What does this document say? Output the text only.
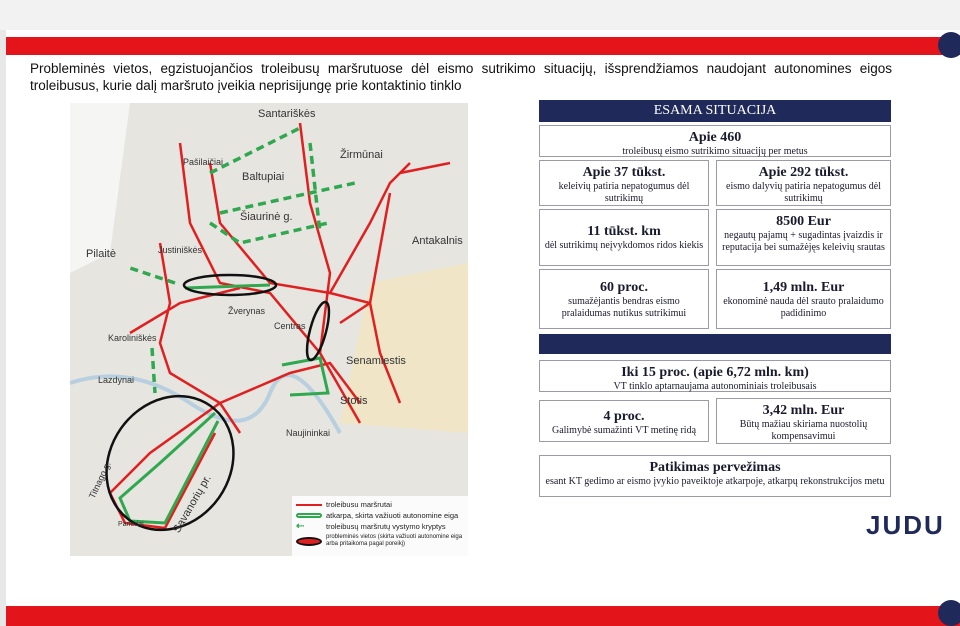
Probleminės vietos, egzistuojančios troleibusų maršrutuose dėl eismo sutrikimo situacijų, išsprendžiamos naudojant autonomines eigos troleibusus, kurie dalį maršruto įveikia neprisijungę prie kontaktinio tinklo
Santariškės
Pašilaičiai
Žirmūnai
Baltupiai
Šiaurinė g.
Justiniškės
Pilaitė
Antakalnis
Žverynas
Centras
Karoliniškės
Senamiestis
Lazdynai
Stotis
Naujininkai
Titnago g.	Savanorių pr.
Paneriai
troleibusu maršrutai
atkarpa, skirta važiuoti autonomine eiga
⇠	troleibusų maršrutų vystymo kryptys
probleminės vietos (skirta važiuoti autonomine eiga arba pritaikoma pagal poreikį)
ESAMA SITUACIJA
Apie 460
troleibusų eismo sutrikimo situacijų per metus
Apie 37 tūkst.
keleivių patiria nepatogumus dėl sutrikimų
Apie 292 tūkst.
eismo dalyvių patiria nepatogumus dėl sutrikimų
11 tūkst. km
dėl sutrikimų neįvykdomos ridos kiekis
8500 Eur
negautų pajamų + sugadintas įvaizdis ir reputacija bei sumažėjęs keleivių srautas
60 proc.
sumažėjantis bendras eismo pralaidumas nutikus sutrikimui
1,49 mln. Eur
ekonominė nauda dėl srauto pralaidumo padidinimo
Iki 15 proc. (apie 6,72 mln. km)
VT tinklo aptarnaujama autonominiais troleibusais
4 proc.
Galimybė sumažinti VT metinę ridą
3,42 mln. Eur
Būtų mažiau skiriama nuostolių kompensavimui
Patikimas pervežimas
esant KT gedimo ar eismo įvykio paveiktoje atkarpoje, atkarpų rekonstrukcijos metu
JUDU
